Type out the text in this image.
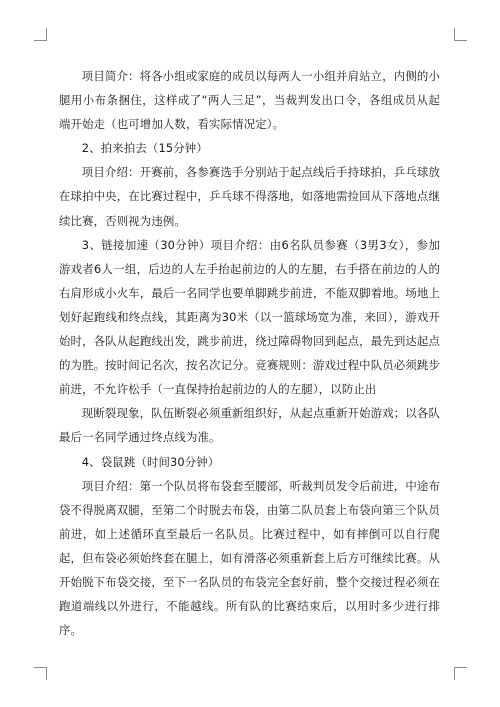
项目简介：将各小组或家庭的成员以每两人一小组并肩站立，内侧的小腿用小布条捆住，这样成了“两人三足”，当裁判发出口令，各组成员从起端开始走（也可增加人数，看实际情况定）。

2、拍来拍去（15分钟）

项目介绍：开赛前，各参赛选手分别站于起点线后手持球拍，乒乓球放在球拍中央，在比赛过程中，乒乓球不得落地，如落地需捡回从下落地点继续比赛，否则视为违例。

3、链接加速（30分钟）项目介绍：由6名队员参赛（3男3女），参加游戏者6人一组，后边的人左手抬起前边的人的左腿，右手搭在前边的人的右肩形成小火车，最后一名同学也要单脚跳步前进，不能双脚着地。场地上划好起跑线和终点线，其距离为30米（以一篮球场宽为准，来回），游戏开始时，各队从起跑线出发，跳步前进，绕过障碍物回到起点，最先到达起点的为胜。按时间记名次，按名次记分。竞赛规则：游戏过程中队员必须跳步前进，不允许松手（一直保持抬起前边的人的左腿），以防止出

现断裂现象，队伍断裂必须重新组织好，从起点重新开始游戏；以各队最后一名同学通过终点线为准。

4、袋鼠跳（时间30分钟）

项目介绍：第一个队员将布袋套至腰部，听裁判员发令后前进，中途布袋不得脱离双腿，至第二个时脱去布袋，由第二队员套上布袋向第三个队员前进，如上述循环直至最后一名队员。比赛过程中，如有摔倒可以自行爬起，但布袋必须始终套在腿上，如有滑落必须重新套上后方可继续比赛。从开始脱下布袋交接，至下一名队员的布袋完全套好前，整个交接过程必须在跑道端线以外进行，不能越线。所有队的比赛结束后，以用时多少进行排序。
